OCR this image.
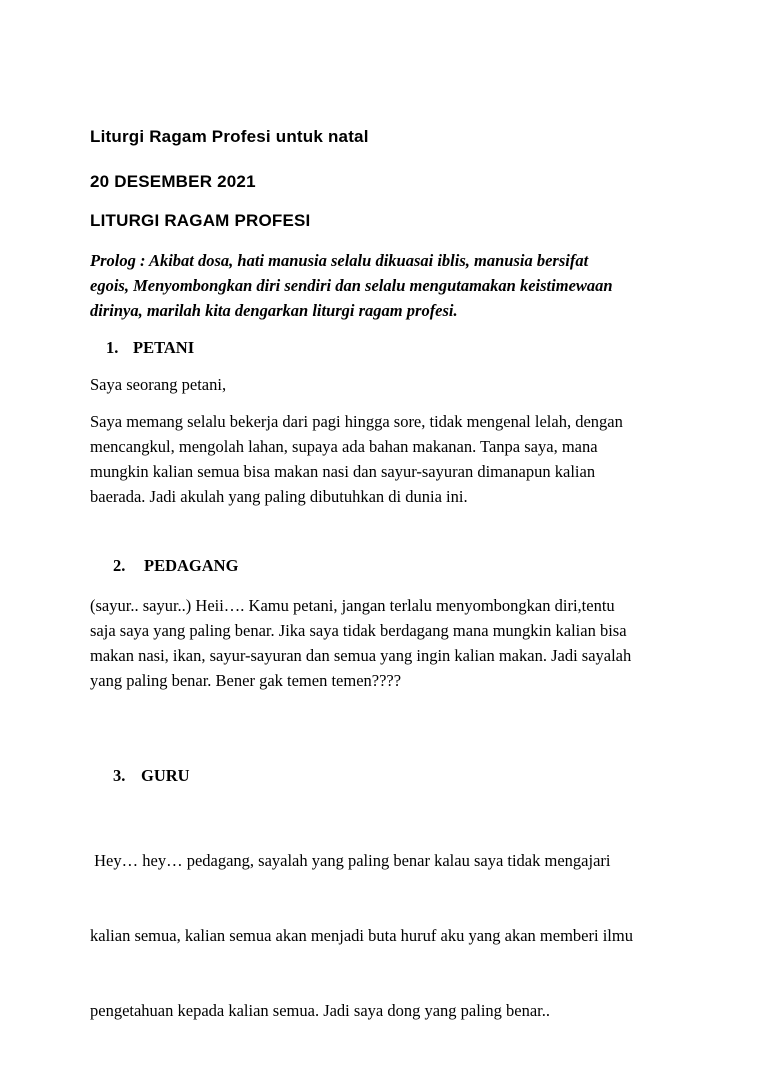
Liturgi Ragam Profesi untuk natal

20 DESEMBER 2021

LITURGI RAGAM PROFESI

Prolog : Akibat dosa, hati manusia selalu dikuasai iblis, manusia bersifat
egois, Menyombongkan diri sendiri dan selalu mengutamakan keistimewaan
dirinya, marilah kita dengarkan liturgi ragam profesi.

1. PETANI

Saya seorang petani,

Saya memang selalu bekerja dari pagi hingga sore, tidak mengenal lelah, dengan
mencangkul, mengolah lahan, supaya ada bahan makanan. Tanpa saya, mana
mungkin kalian semua bisa makan nasi dan sayur-sayuran dimanapun kalian
baerada. Jadi akulah yang paling dibutuhkan di dunia ini.

2. PEDAGANG

(sayur.. sayur..) Heii…. Kamu petani, jangan terlalu menyombongkan diri,tentu
saja saya yang paling benar. Jika saya tidak berdagang mana mungkin kalian bisa
makan nasi, ikan, sayur-sayuran dan semua yang ingin kalian makan. Jadi sayalah
yang paling benar. Bener gak temen temen????

3. GURU

Hey… hey… pedagang, sayalah yang paling benar kalau saya tidak mengajari

kalian semua, kalian semua akan menjadi buta huruf aku yang akan memberi ilmu

pengetahuan kepada kalian semua. Jadi saya dong yang paling benar..
